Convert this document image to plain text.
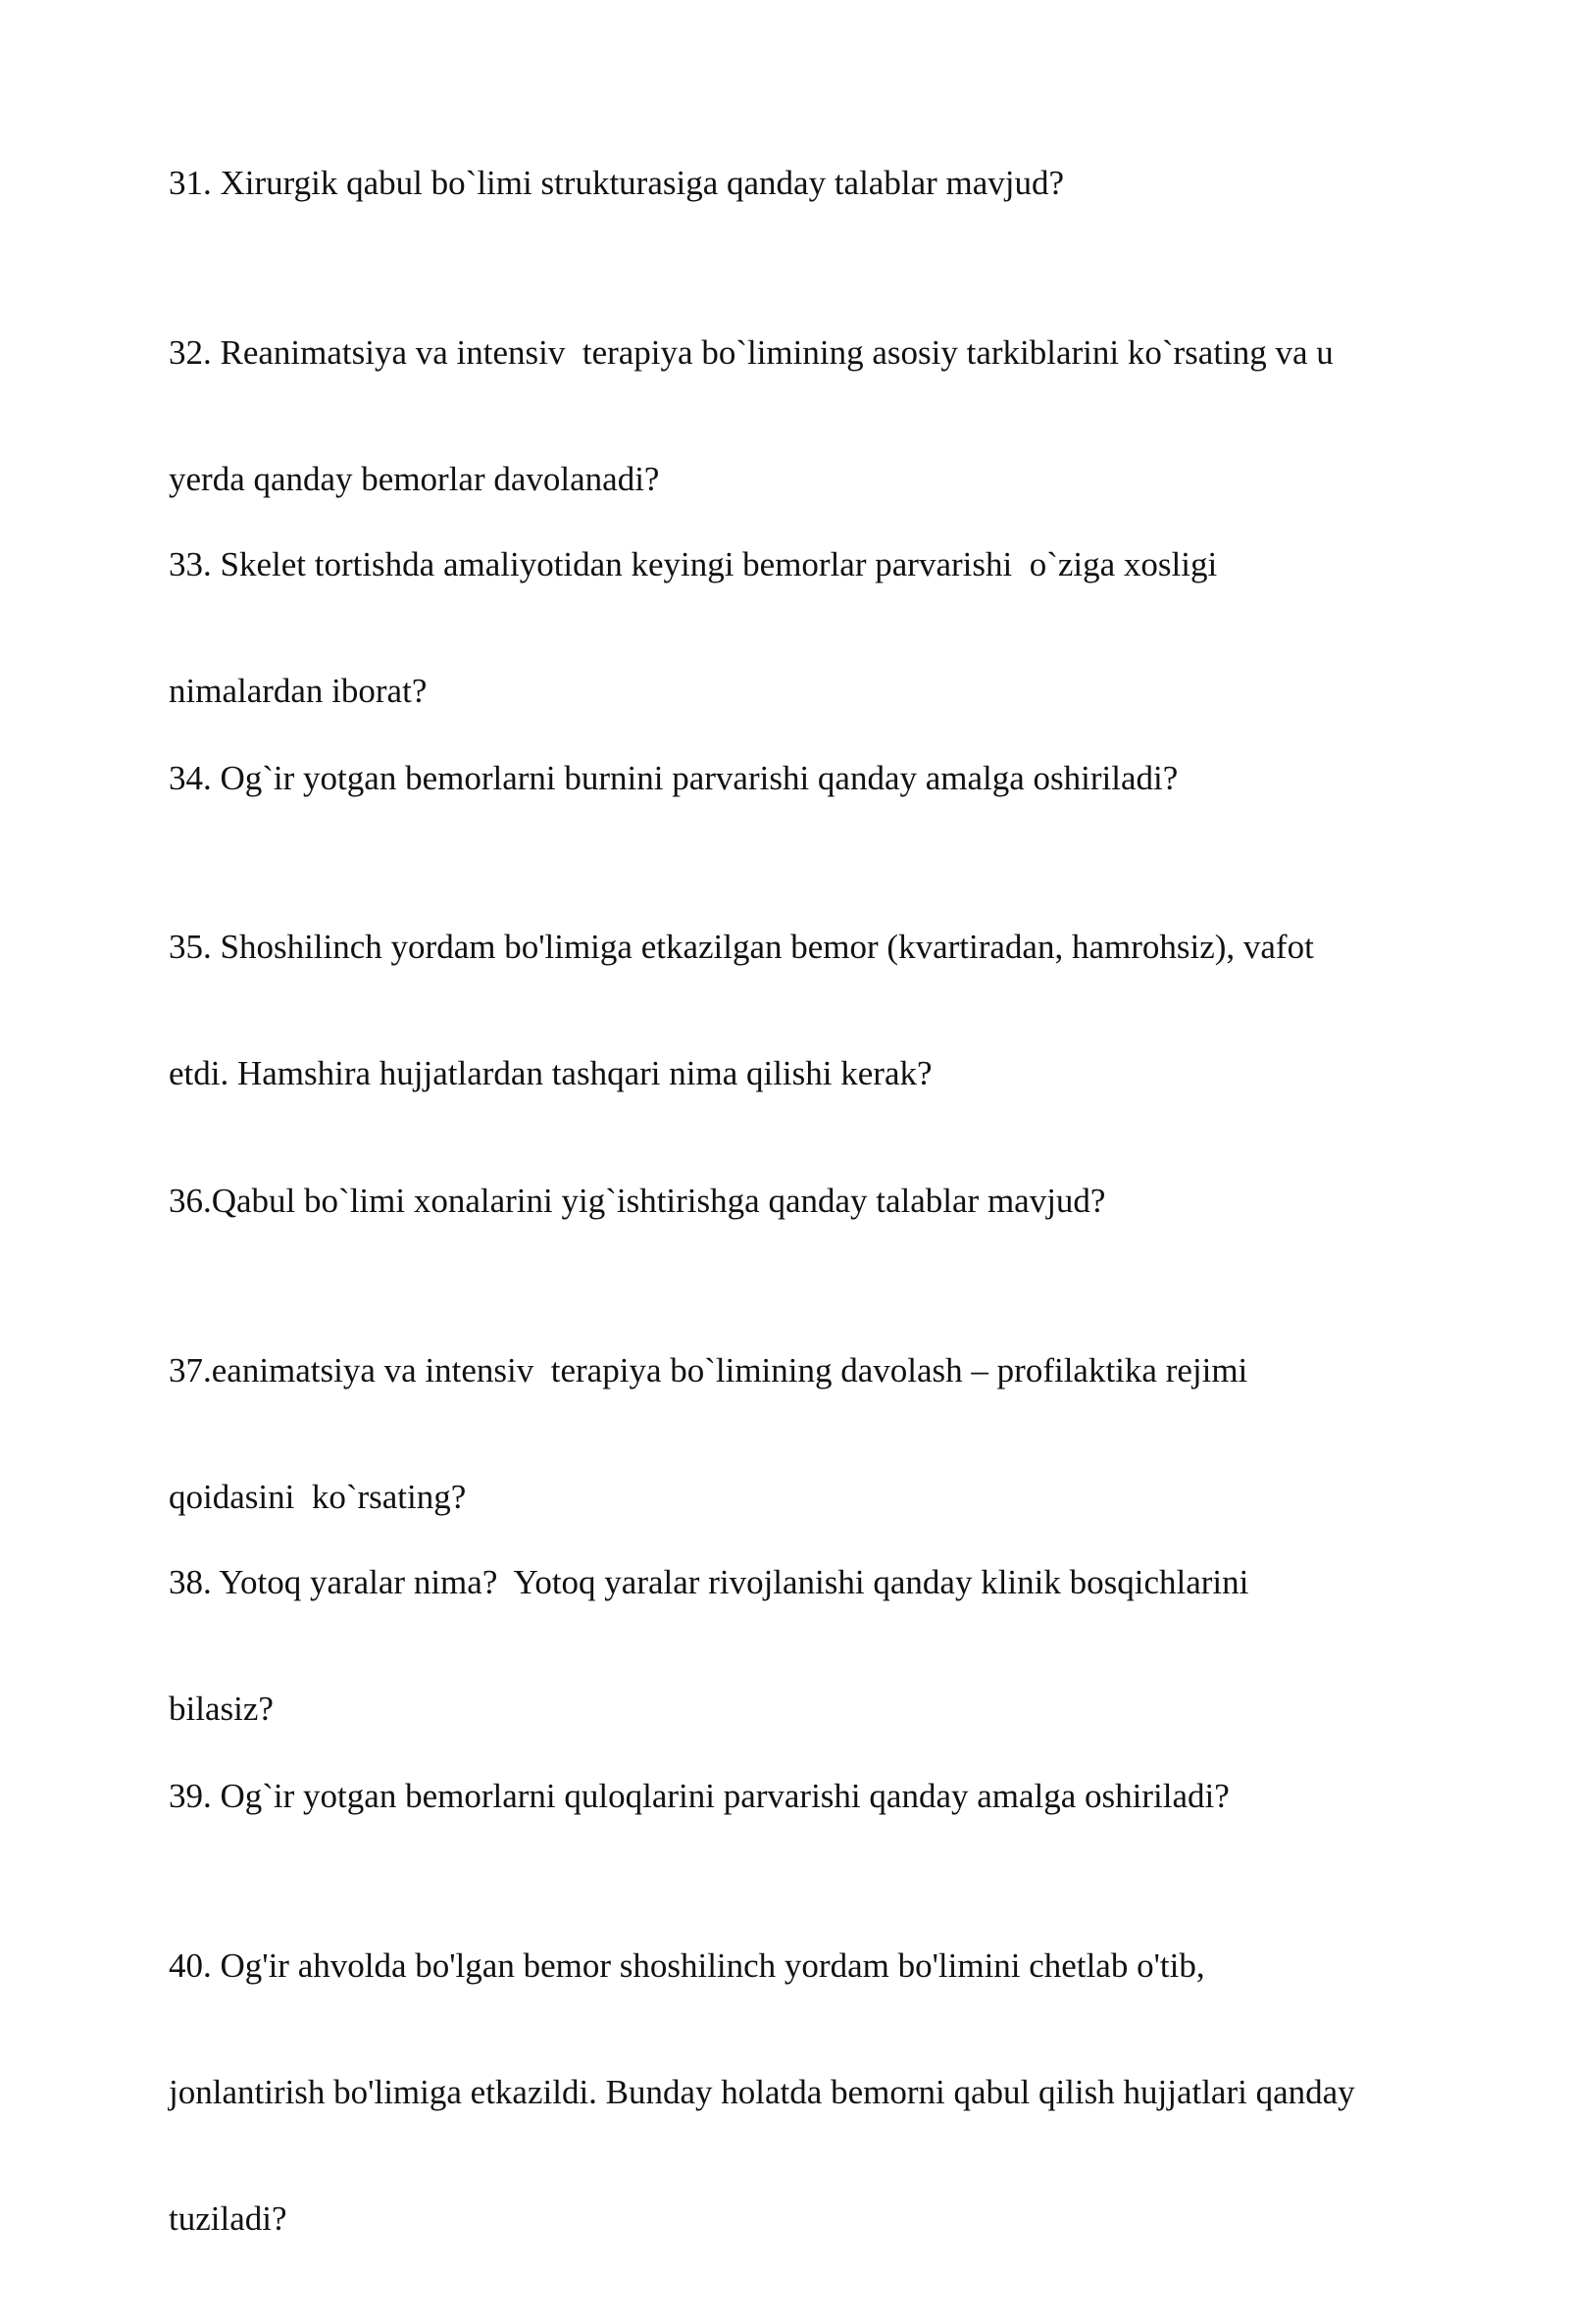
31. Xirurgik qabul bo`limi strukturasiga qanday talablar mavjud?

32. Reanimatsiya va intensiv  terapiya bo`limining asosiy tarkiblarini ko`rsating va u

yerda qanday bemorlar davolanadi?

33. Skelet tortishda amaliyotidan keyingi bemorlar parvarishi  o`ziga xosligi

nimalardan iborat?

34. Og`ir yotgan bemorlarni burnini parvarishi qanday amalga oshiriladi?

35. Shoshilinch yordam bo'limiga etkazilgan bemor (kvartiradan, hamrohsiz), vafot

etdi. Hamshira hujjatlardan tashqari nima qilishi kerak?

36.Qabul bo`limi xonalarini yig`ishtirishga qanday talablar mavjud?

37.eanimatsiya va intensiv  terapiya bo`limining davolash – profilaktika rejimi

qoidasini  ko`rsating?

38. Yotoq yaralar nima?  Yotoq yaralar rivojlanishi qanday klinik bosqichlarini

bilasiz?

39. Og`ir yotgan bemorlarni quloqlarini parvarishi qanday amalga oshiriladi?

40. Og'ir ahvolda bo'lgan bemor shoshilinch yordam bo'limini chetlab o'tib,

jonlantirish bo'limiga etkazildi. Bunday holatda bemorni qabul qilish hujjatlari qanday

tuziladi?
